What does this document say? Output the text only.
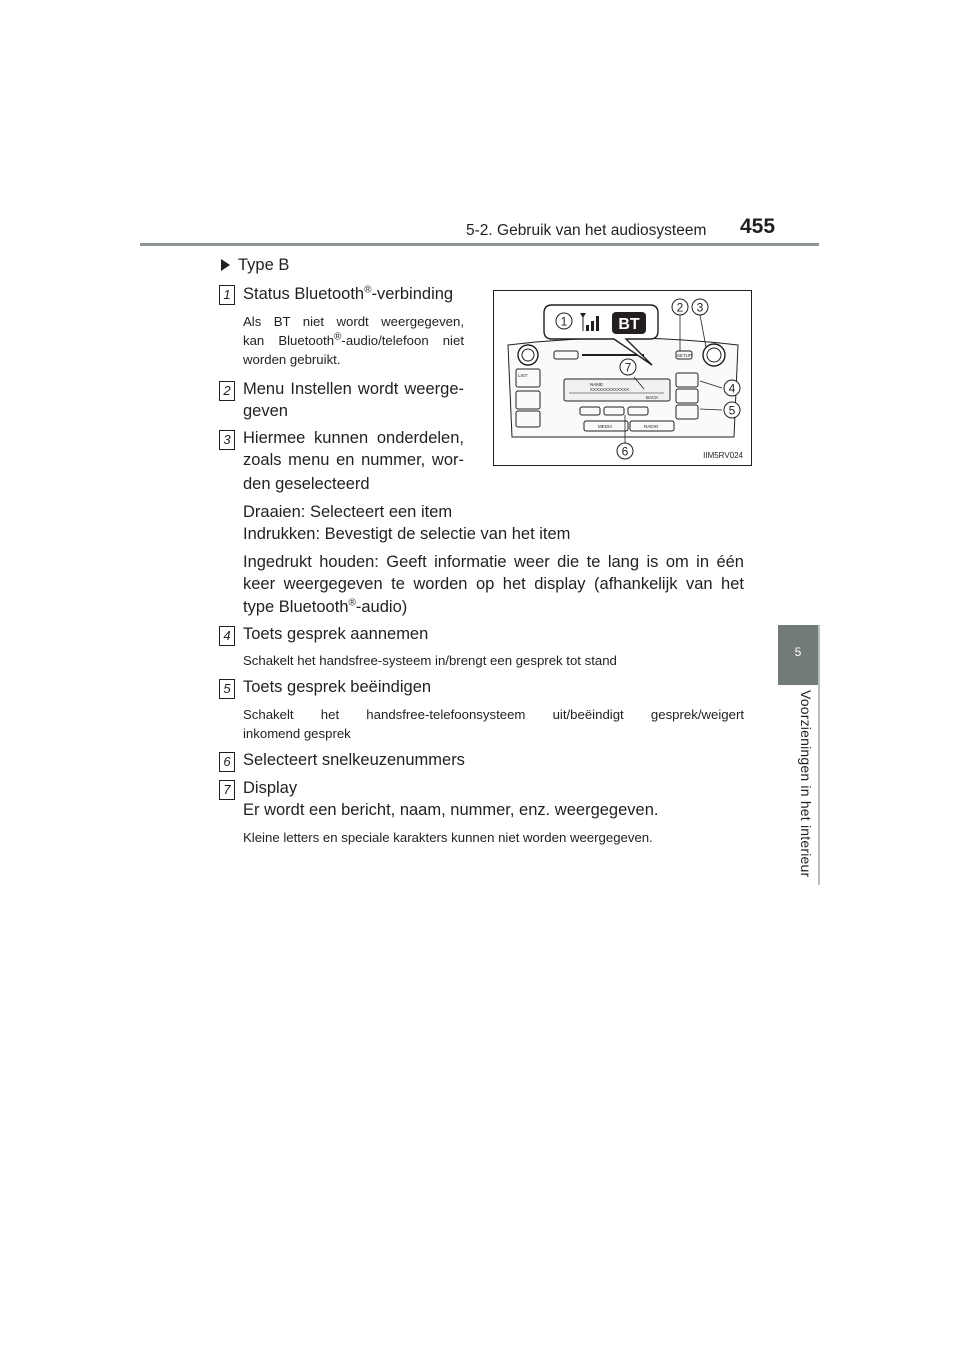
5-2. Gebruik van het audiosysteem 455
5
Voorzieningen in het interieur
Type B
1 Status Bluetooth®-verbinding
Als BT niet wordt weergegeven,
kan Bluetooth®-audio/telefoon niet
worden gebruikt.
2 Menu Instellen wordt weerge-
geven
3 Hiermee kunnen onderdelen,
zoals menu en nummer, wor-
den geselecteerd
Draaien: Selecteert een item
Indrukken: Bevestigt de selectie van het item
Ingedrukt houden: Geeft informatie weer die te lang is om in één
keer weergegeven te worden op het display (afhankelijk van het
type Bluetooth®-audio)
4 Toets gesprek aannemen
Schakelt het handsfree-systeem in/brengt een gesprek tot stand
5 Toets gesprek beëindigen
Schakelt het handsfree-telefoonsysteem uit/beëindigt gesprek/weigert
inkomend gesprek
6 Selecteert snelkeuzenummers
7 Display
Er wordt een bericht, naam, nummer, enz. weergegeven.
Kleine letters en speciale karakters kunnen niet worden weergegeven.
LIST
NAME
XXXXXXXXXXXXX
BACK
SETUP
MEDIA	RADIO
BT
1
2 3
4
5
6
7
IIM5RV024
